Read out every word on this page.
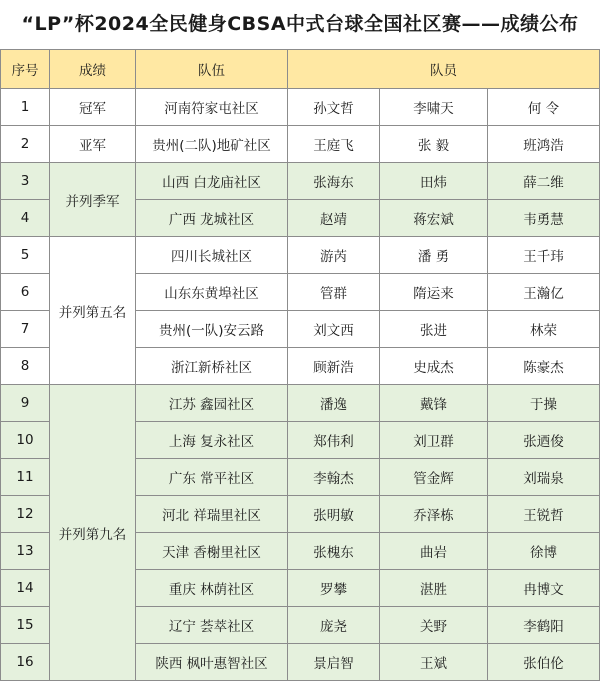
“LP”杯2024全民健身CBSA中式台球全国社区赛——成绩公布
序号	成绩	队伍	队员		
1	冠军	河南符家屯社区	孙文哲	李啸天	何 令
2	亚军	贵州(二队)地矿社区	王庭飞	张 毅	班鸿浩
3	并列季军	山西 白龙庙社区	张海东	田炜	薛二维
4		广西 龙城社区	赵靖	蒋宏斌	韦勇慧
5	并列第五名	四川长城社区	游芮	潘 勇	王千玮
6		山东东黄埠社区	管群	隋运来	王瀚亿
7		贵州(一队)安云路	刘文西	张进	林荣
8		浙江新桥社区	顾新浩	史成杰	陈豪杰
9	并列第九名	江苏 鑫园社区	潘逸	戴锋	于操
10		上海 复永社区	郑伟利	刘卫群	张迺俊
11		广东 常平社区	李翰杰	管金辉	刘瑞泉
12		河北 祥瑞里社区	张明敏	乔泽栋	王锐哲
13		天津 香榭里社区	张槐东	曲岩	徐博
14		重庆 林荫社区	罗攀	湛胜	冉博文
15		辽宁 荟萃社区	庞尧	关野	李鹤阳
16		陕西 枫叶惠智社区	景启智	王斌	张伯伦
